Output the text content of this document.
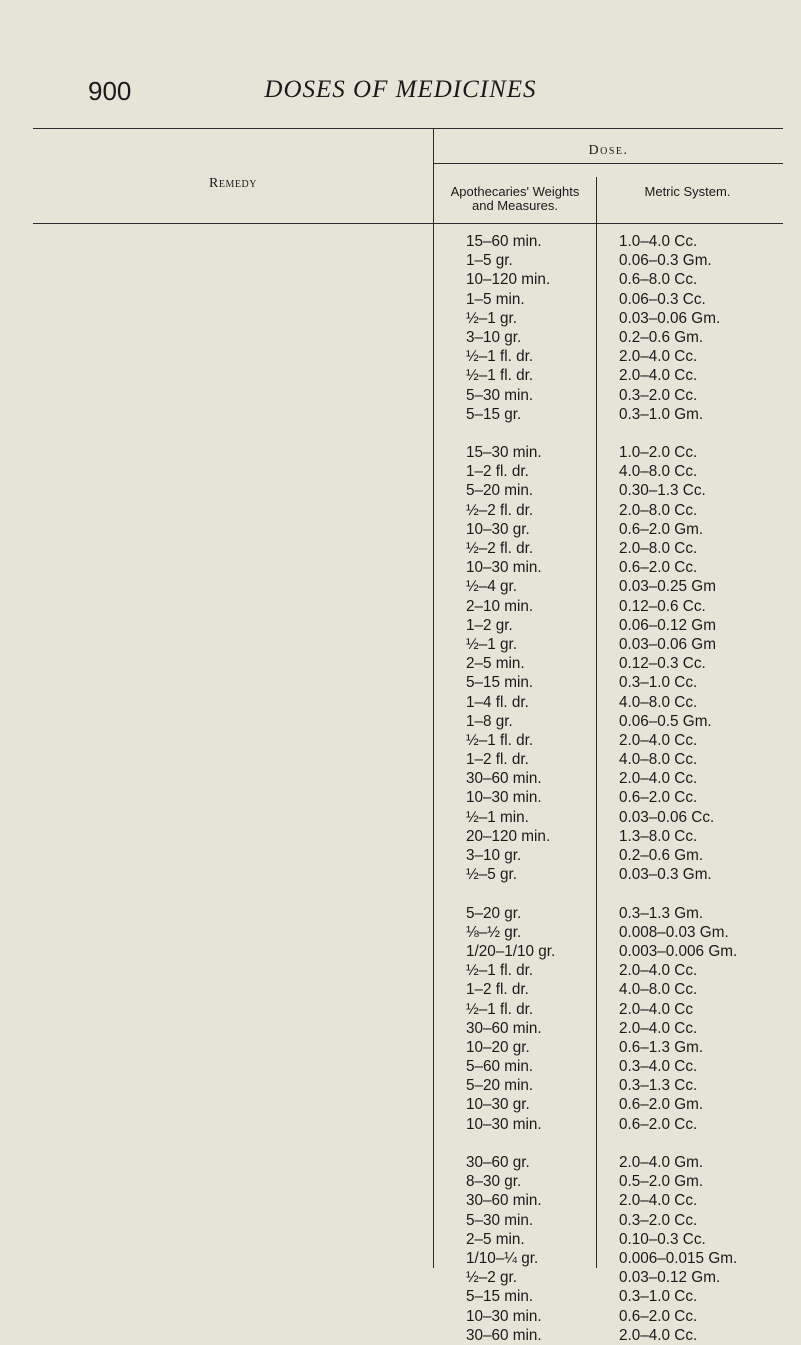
900	DOSES OF MEDICINES
Remedy
Dose.
Apothecaries' Weights and Measures.
Metric System.
15–60 min.	1.0–4.0 Cc.
1–5 gr.	0.06–0.3 Gm.
10–120 min.	0.6–8.0 Cc.
1–5 min.	0.06–0.3 Cc.
½–1 gr.	0.03–0.06 Gm.
3–10 gr.	0.2–0.6 Gm.
½–1 fl. dr.	2.0–4.0 Cc.
½–1 fl. dr.	2.0–4.0 Cc.
5–30 min.	0.3–2.0 Cc.
5–15 gr.	0.3–1.0 Gm.
15–30 min.	1.0–2.0 Cc.
1–2 fl. dr.	4.0–8.0 Cc.
5–20 min.	0.30–1.3 Cc.
½–2 fl. dr.	2.0–8.0 Cc.
10–30 gr.	0.6–2.0 Gm.
½–2 fl. dr.	2.0–8.0 Cc.
10–30 min.	0.6–2.0 Cc.
½–4 gr.	0.03–0.25 Gm
2–10 min.	0.12–0.6 Cc.
1–2 gr.	0.06–0.12 Gm
½–1 gr.	0.03–0.06 Gm
2–5 min.	0.12–0.3 Cc.
5–15 min.	0.3–1.0 Cc.
1–4 fl. dr.	4.0–8.0 Cc.
1–8 gr.	0.06–0.5 Gm.
½–1 fl. dr.	2.0–4.0 Cc.
1–2 fl. dr.	4.0–8.0 Cc.
30–60 min.	2.0–4.0 Cc.
10–30 min.	0.6–2.0 Cc.
½–1 min.	0.03–0.06 Cc.
20–120 min.	1.3–8.0 Cc.
3–10 gr.	0.2–0.6 Gm.
½–5 gr.	0.03–0.3 Gm.
5–20 gr.	0.3–1.3 Gm.
⅛–½ gr.	0.008–0.03 Gm.
1/20–1/10 gr.	0.003–0.006 Gm.
½–1 fl. dr.	2.0–4.0 Cc.
1–2 fl. dr.	4.0–8.0 Cc.
½–1 fl. dr.	2.0–4.0 Cc
30–60 min.	2.0–4.0 Cc.
10–20 gr.	0.6–1.3 Gm.
5–60 min.	0.3–4.0 Cc.
5–20 min.	0.3–1.3 Cc.
10–30 gr.	0.6–2.0 Gm.
10–30 min.	0.6–2.0 Cc.
30–60 gr.	2.0–4.0 Gm.
8–30 gr.	0.5–2.0 Gm.
30–60 min.	2.0–4.0 Cc.
5–30 min.	0.3–2.0 Cc.
2–5 min.	0.10–0.3 Cc.
1/10–¼ gr.	0.006–0.015 Gm.
½–2 gr.	0.03–0.12 Gm.
5–15 min.	0.3–1.0 Cc.
10–30 min.	0.6–2.0 Cc.
30–60 min.	2.0–4.0 Cc.
